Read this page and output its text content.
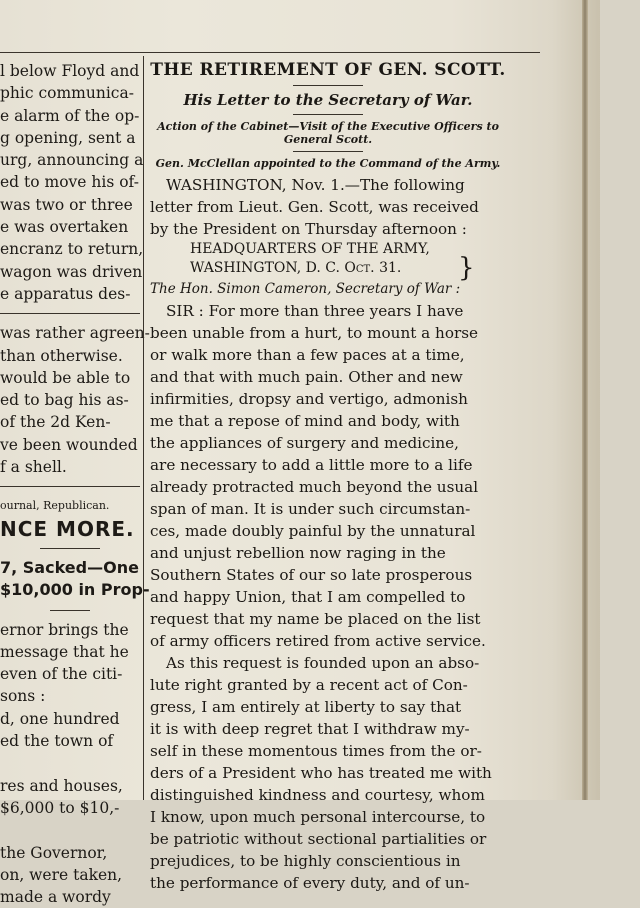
l below Floyd and
phic communica-
e alarm of the op-
g opening, sent a
urg, announcing a
ed to move his of-
was two or three
e was overtaken
encranz to return,
wagon was driven
e apparatus des-
was rather agreen-
than otherwise.
would be able to
ed to bag his as-
of the 2d Ken-
ve been wounded
f a shell.
ournal, Republican.
NCE MORE.
7, Sacked—One
$10,000 in Prop-
ernor brings the
message that he
even of the citi-
sons :
d, one hundred
ed the town of

res and houses,
$6,000 to $10,-

the Governor,
on, were taken,
made a wordy

THE RETIREMENT OF GEN. SCOTT.

His Letter to the Secretary of War.

Action of the Cabinet—Visit of the Executive Officers to General Scott.

Gen. McClellan appointed to the Command of the Army.

WASHINGTON, Nov. 1.—The following
letter from Lieut. Gen. Scott, was received
by the President on Thursday afternoon :
HEADQUARTERS OF THE ARMY,
WASHINGTON, D. C. Oct. 31.
The Hon. Simon Cameron, Secretary of War :
SIR : For more than three years I have
been unable from a hurt, to mount a horse
or walk more than a few paces at a time,
and that with much pain. Other and new
infirmities, dropsy and vertigo, admonish
me that a repose of mind and body, with
the appliances of surgery and medicine,
are necessary to add a little more to a life
already protracted much beyond the usual
span of man. It is under such circumstan-
ces, made doubly painful by the unnatural
and unjust rebellion now raging in the
Southern States of our so late prosperous
and happy Union, that I am compelled to
request that my name be placed on the list
of army officers retired from active service.
As this request is founded upon an abso-
lute right granted by a recent act of Con-
gress, I am entirely at liberty to say that
it is with deep regret that I withdraw my-
self in these momentous times from the or-
ders of a President who has treated me with
distinguished kindness and courtesy, whom
I know, upon much personal intercourse, to
be patriotic without sectional partialities or
prejudices, to be highly conscientious in
the performance of every duty, and of un-
}
